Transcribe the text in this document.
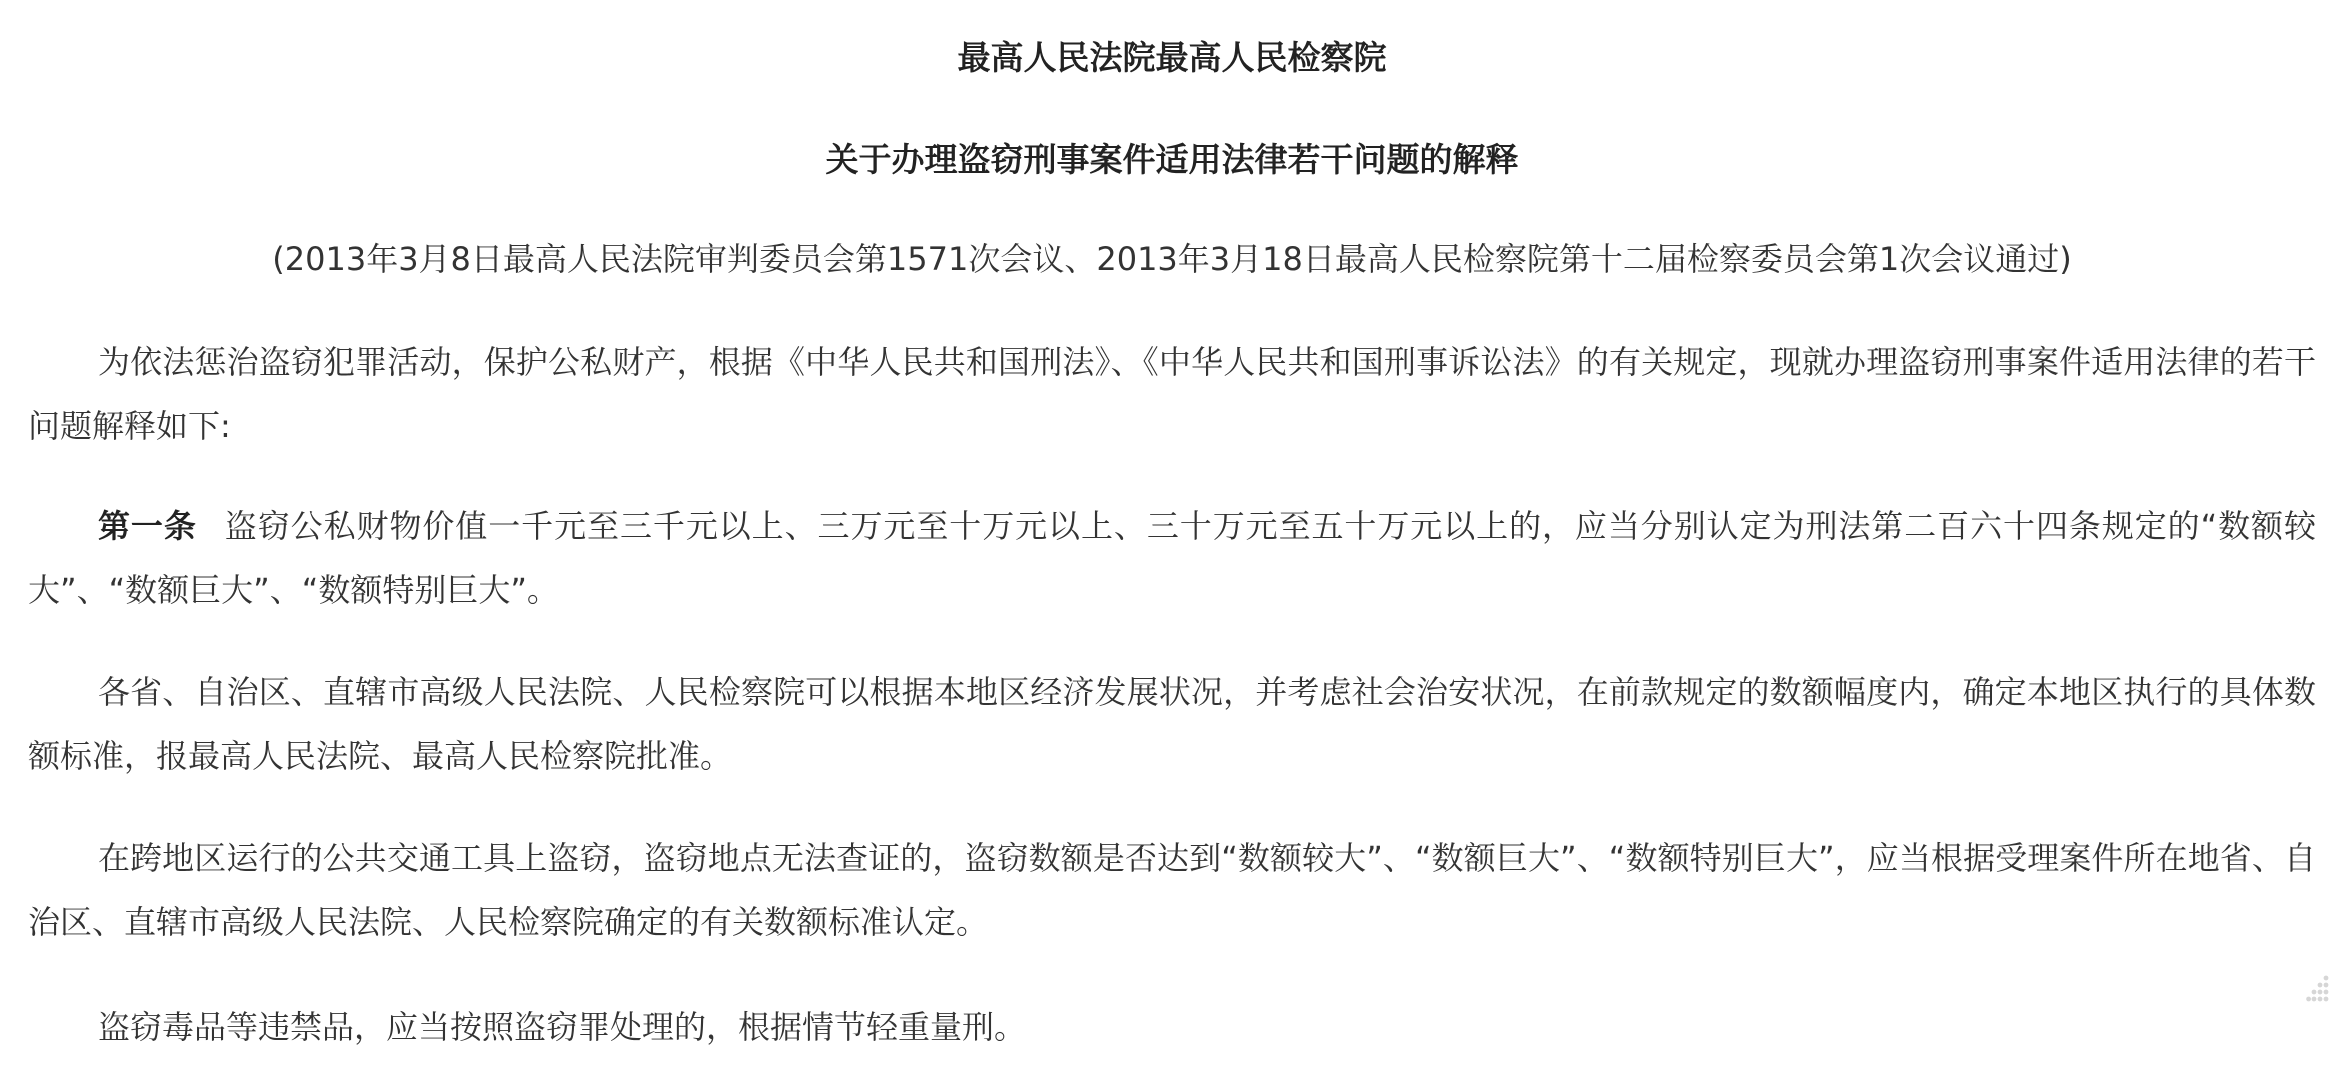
最高人民法院最高人民检察院
关于办理盗窃刑事案件适用法律若干问题的解释
(2013年3月8日最高人民法院审判委员会第1571次会议、2013年3月18日最高人民检察院第十二届检察委员会第1次会议通过)
为依法惩治盗窃犯罪活动，保护公私财产，根据《中华人民共和国刑法》、《中华人民共和国刑事诉讼法》的有关规定，现就办理盗窃刑事案件适用法律的若干问题解释如下:
第一条 盗窃公私财物价值一千元至三千元以上、三万元至十万元以上、三十万元至五十万元以上的，应当分别认定为刑法第二百六十四条规定的“数额较大”、“数额巨大”、“数额特别巨大”。
各省、自治区、直辖市高级人民法院、人民检察院可以根据本地区经济发展状况，并考虑社会治安状况，在前款规定的数额幅度内，确定本地区执行的具体数额标准，报最高人民法院、最高人民检察院批准。
在跨地区运行的公共交通工具上盗窃，盗窃地点无法查证的，盗窃数额是否达到“数额较大”、“数额巨大”、“数额特别巨大”，应当根据受理案件所在地省、自治区、直辖市高级人民法院、人民检察院确定的有关数额标准认定。
盗窃毒品等违禁品，应当按照盗窃罪处理的，根据情节轻重量刑。
